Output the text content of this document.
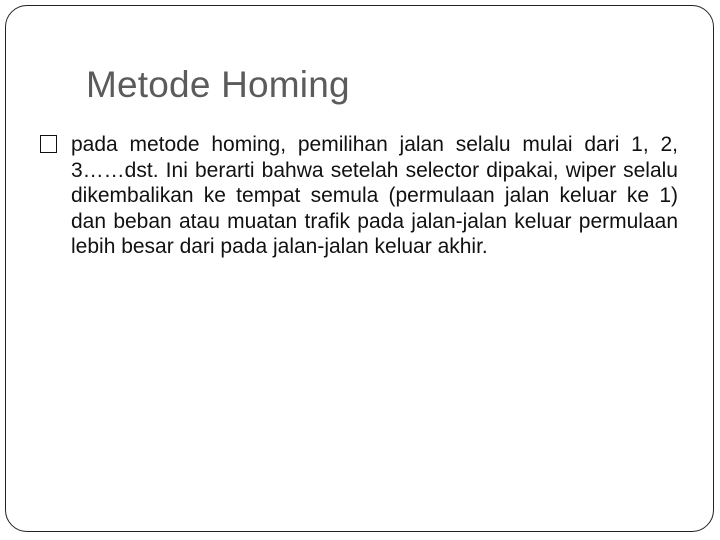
Metode Homing

pada metode homing, pemilihan jalan selalu mulai dari 1, 2, 3……dst. Ini berarti bahwa setelah selector dipakai, wiper selalu dikembalikan ke tempat semula (permulaan jalan keluar ke 1) dan beban atau muatan trafik pada jalan-jalan keluar permulaan lebih besar dari pada jalan-jalan keluar akhir.
